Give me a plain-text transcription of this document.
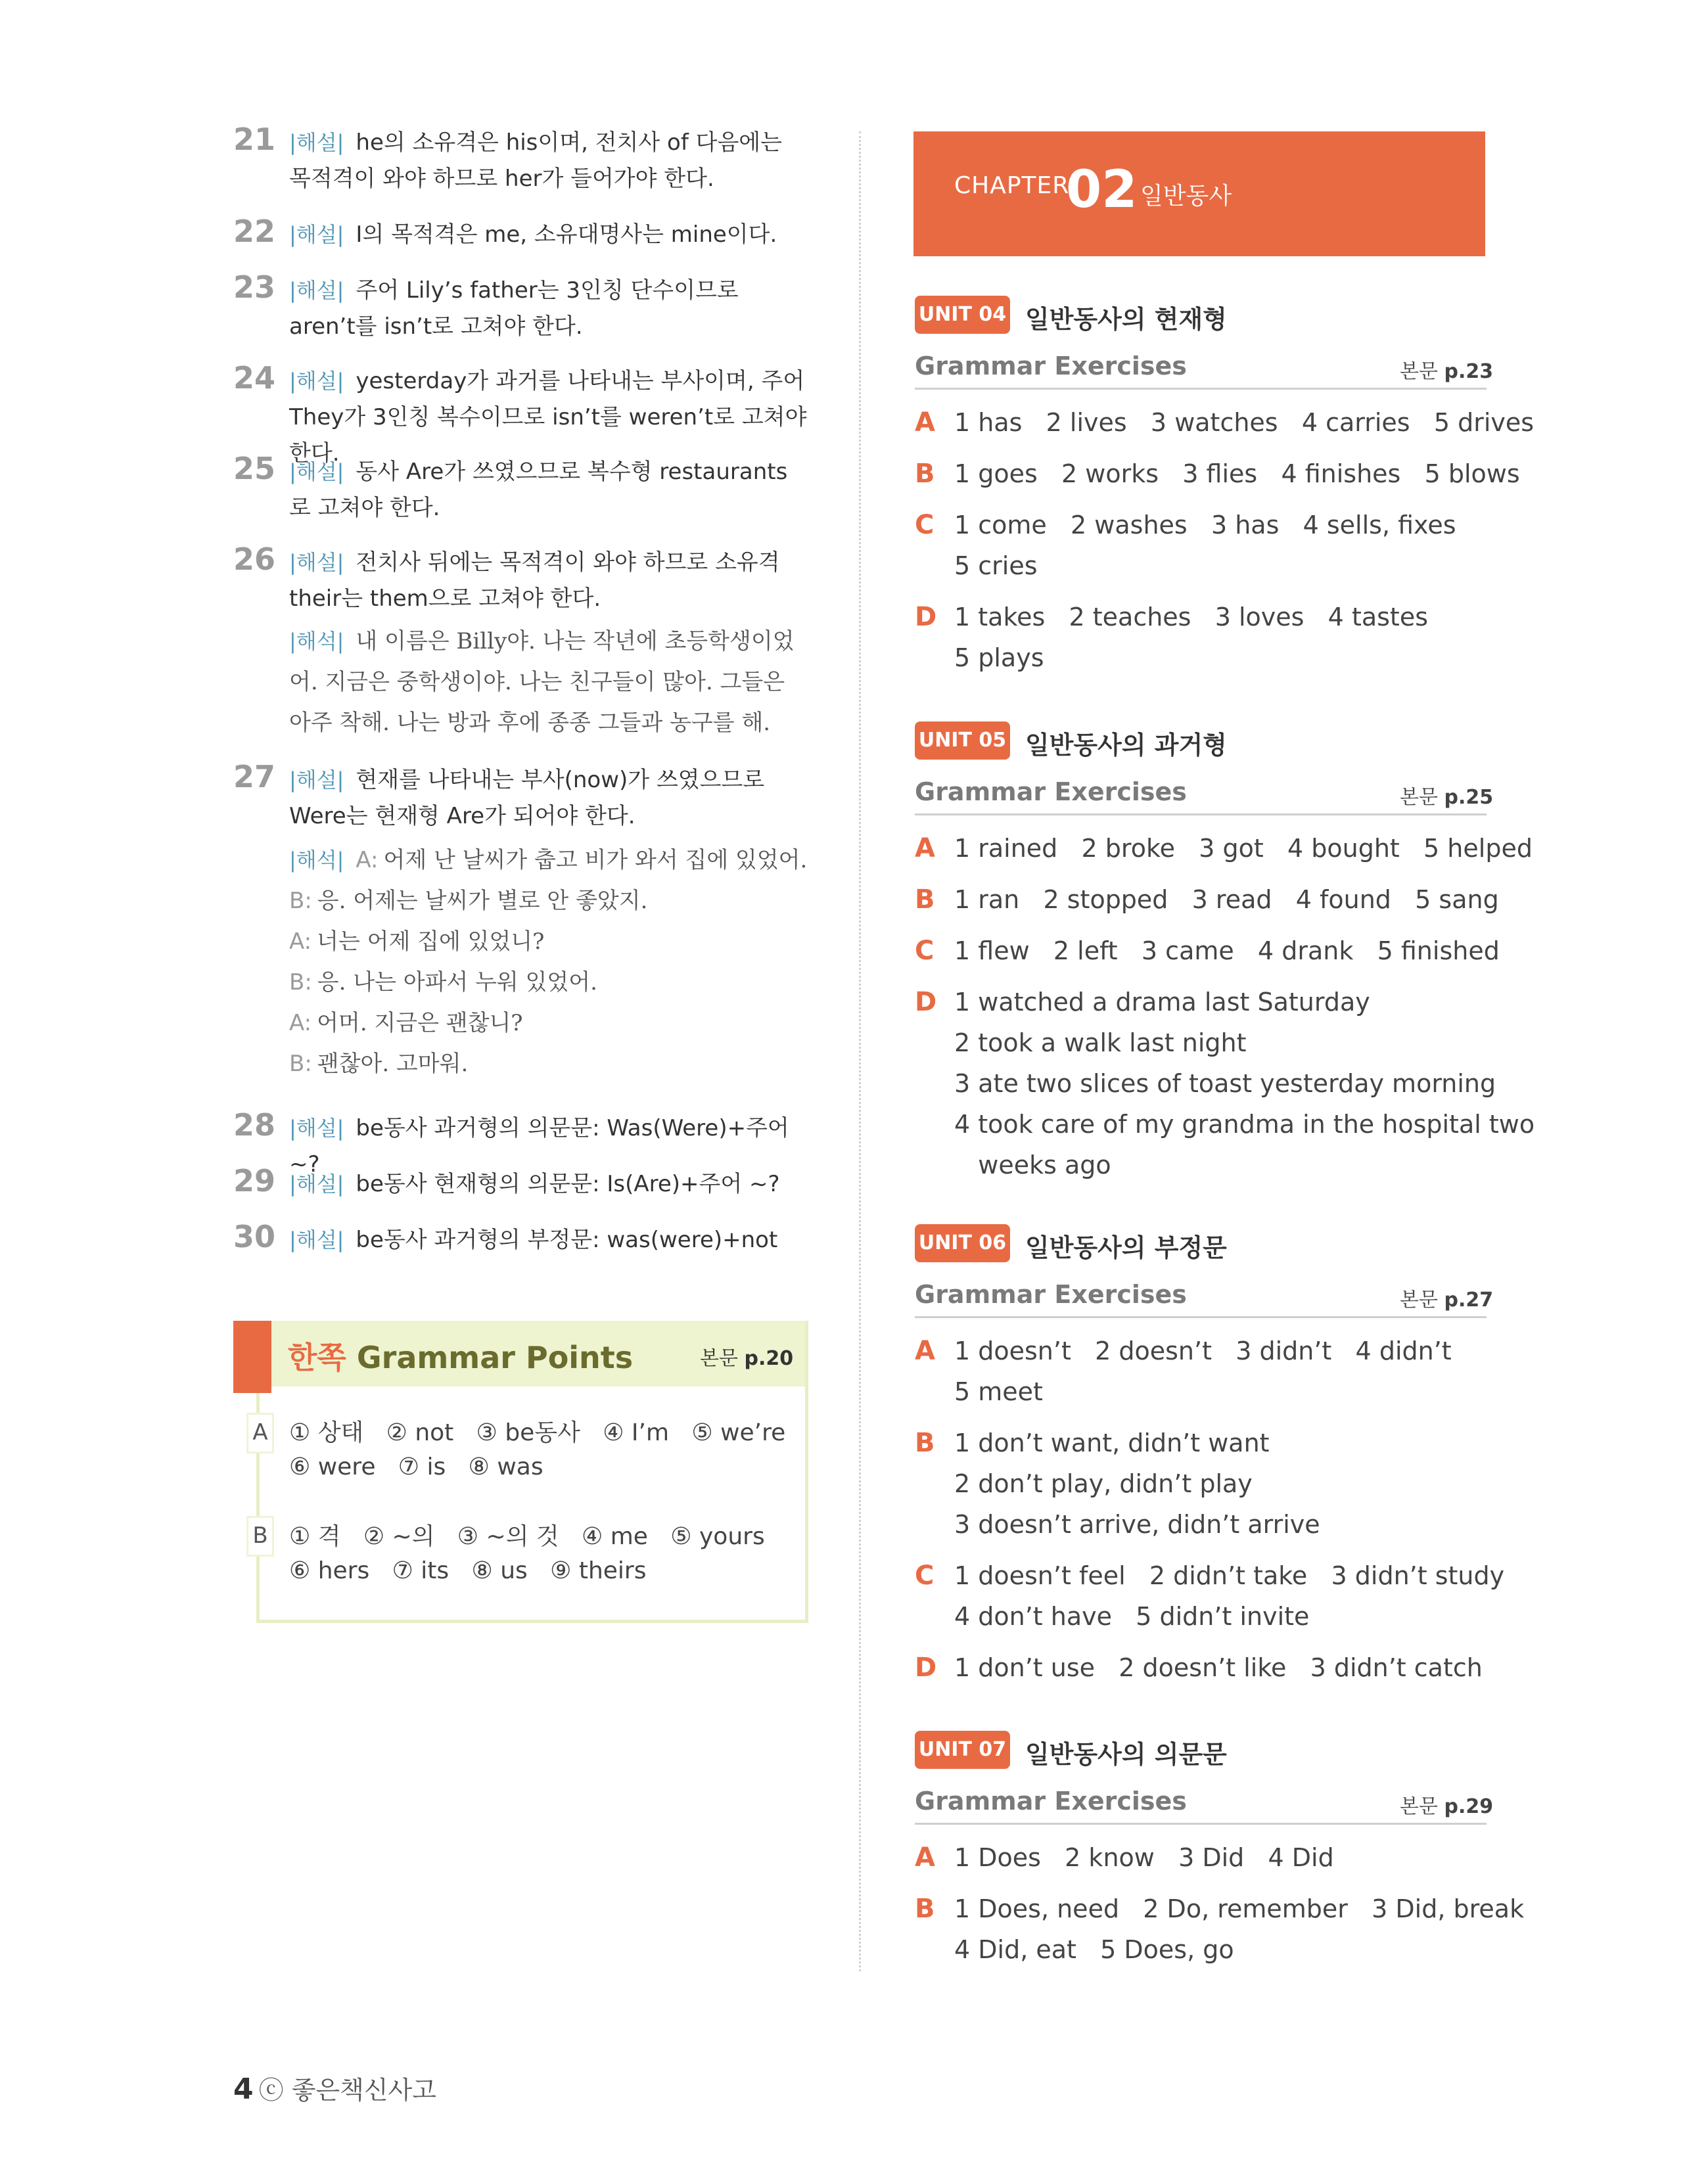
21 |해설| he의 소유격은 his이며, 전치사 of 다음에는 목적격이 와야 하므로 her가 들어가야 한다.
22 |해설| I의 목적격은 me, 소유대명사는 mine이다.
23 |해설| 주어 Lily’s father는 3인칭 단수이므로 aren’t를 isn’t로 고쳐야 한다.
24 |해설| yesterday가 과거를 나타내는 부사이며, 주어 They가 3인칭 복수이므로 isn’t를 weren’t로 고쳐야 한다.
25 |해설| 동사 Are가 쓰였으므로 복수형 restaurants로 고쳐야 한다.
26 |해설| 전치사 뒤에는 목적격이 와야 하므로 소유격 their는 them으로 고쳐야 한다.
|해석| 내 이름은 Billy야. 나는 작년에 초등학생이었어. 지금은 중학생이야. 나는 친구들이 많아. 그들은 아주 착해. 나는 방과 후에 종종 그들과 농구를 해.
27 |해설| 현재를 나타내는 부사(now)가 쓰였으므로 Were는 현재형 Are가 되어야 한다.
|해석| A: 어제 난 날씨가 춥고 비가 와서 집에 있었어.
B: 응. 어제는 날씨가 별로 안 좋았지.
A: 너는 어제 집에 있었니?
B: 응. 나는 아파서 누워 있었어.
A: 어머. 지금은 괜찮니?
B: 괜찮아. 고마워.
28 |해설| be동사 과거형의 의문문: Was(Were)+주어 ~?
29 |해설| be동사 현재형의 의문문: Is(Are)+주어 ~?
30 |해설| be동사 과거형의 부정문: was(were)+not
한쪽 Grammar Points	본문 p.20
A ① 상태   ② not   ③ be동사   ④ I’m   ⑤ we’re
⑥ were   ⑦ is   ⑧ was
B ① 격   ② ~의   ③ ~의 것   ④ me   ⑤ yours
⑥ hers   ⑦ its   ⑧ us   ⑨ theirs
CHAPTER
02 일반동사
UNIT 04 일반동사의 현재형
Grammar Exercises	본문 p.23
A 1 has   2 lives   3 watches   4 carries   5 drives
B 1 goes   2 works   3 flies   4 finishes   5 blows
C 1 come   2 washes   3 has   4 sells, fixes
5 cries
D 1 takes   2 teaches   3 loves   4 tastes
5 plays
UNIT 05 일반동사의 과거형
Grammar Exercises	본문 p.25
A 1 rained   2 broke   3 got   4 bought   5 helped
B 1 ran   2 stopped   3 read   4 found   5 sang
C 1 flew   2 left   3 came   4 drank   5 finished
D 1 watched a drama last Saturday
2 took a walk last night
3 ate two slices of toast yesterday morning
4 took care of my grandma in the hospital two
weeks ago
UNIT 06 일반동사의 부정문
Grammar Exercises	본문 p.27
A 1 doesn’t   2 doesn’t   3 didn’t   4 didn’t
5 meet
B 1 don’t want, didn’t want
2 don’t play, didn’t play
3 doesn’t arrive, didn’t arrive
C 1 doesn’t feel   2 didn’t take   3 didn’t study
4 don’t have   5 didn’t invite
D 1 don’t use   2 doesn’t like   3 didn’t catch
UNIT 07 일반동사의 의문문
Grammar Exercises	본문 p.29
A 1 Does   2 know   3 Did   4 Did
B 1 Does, need   2 Do, remember   3 Did, break
4 Did, eat   5 Does, go
4 ⓒ 좋은책신사고
